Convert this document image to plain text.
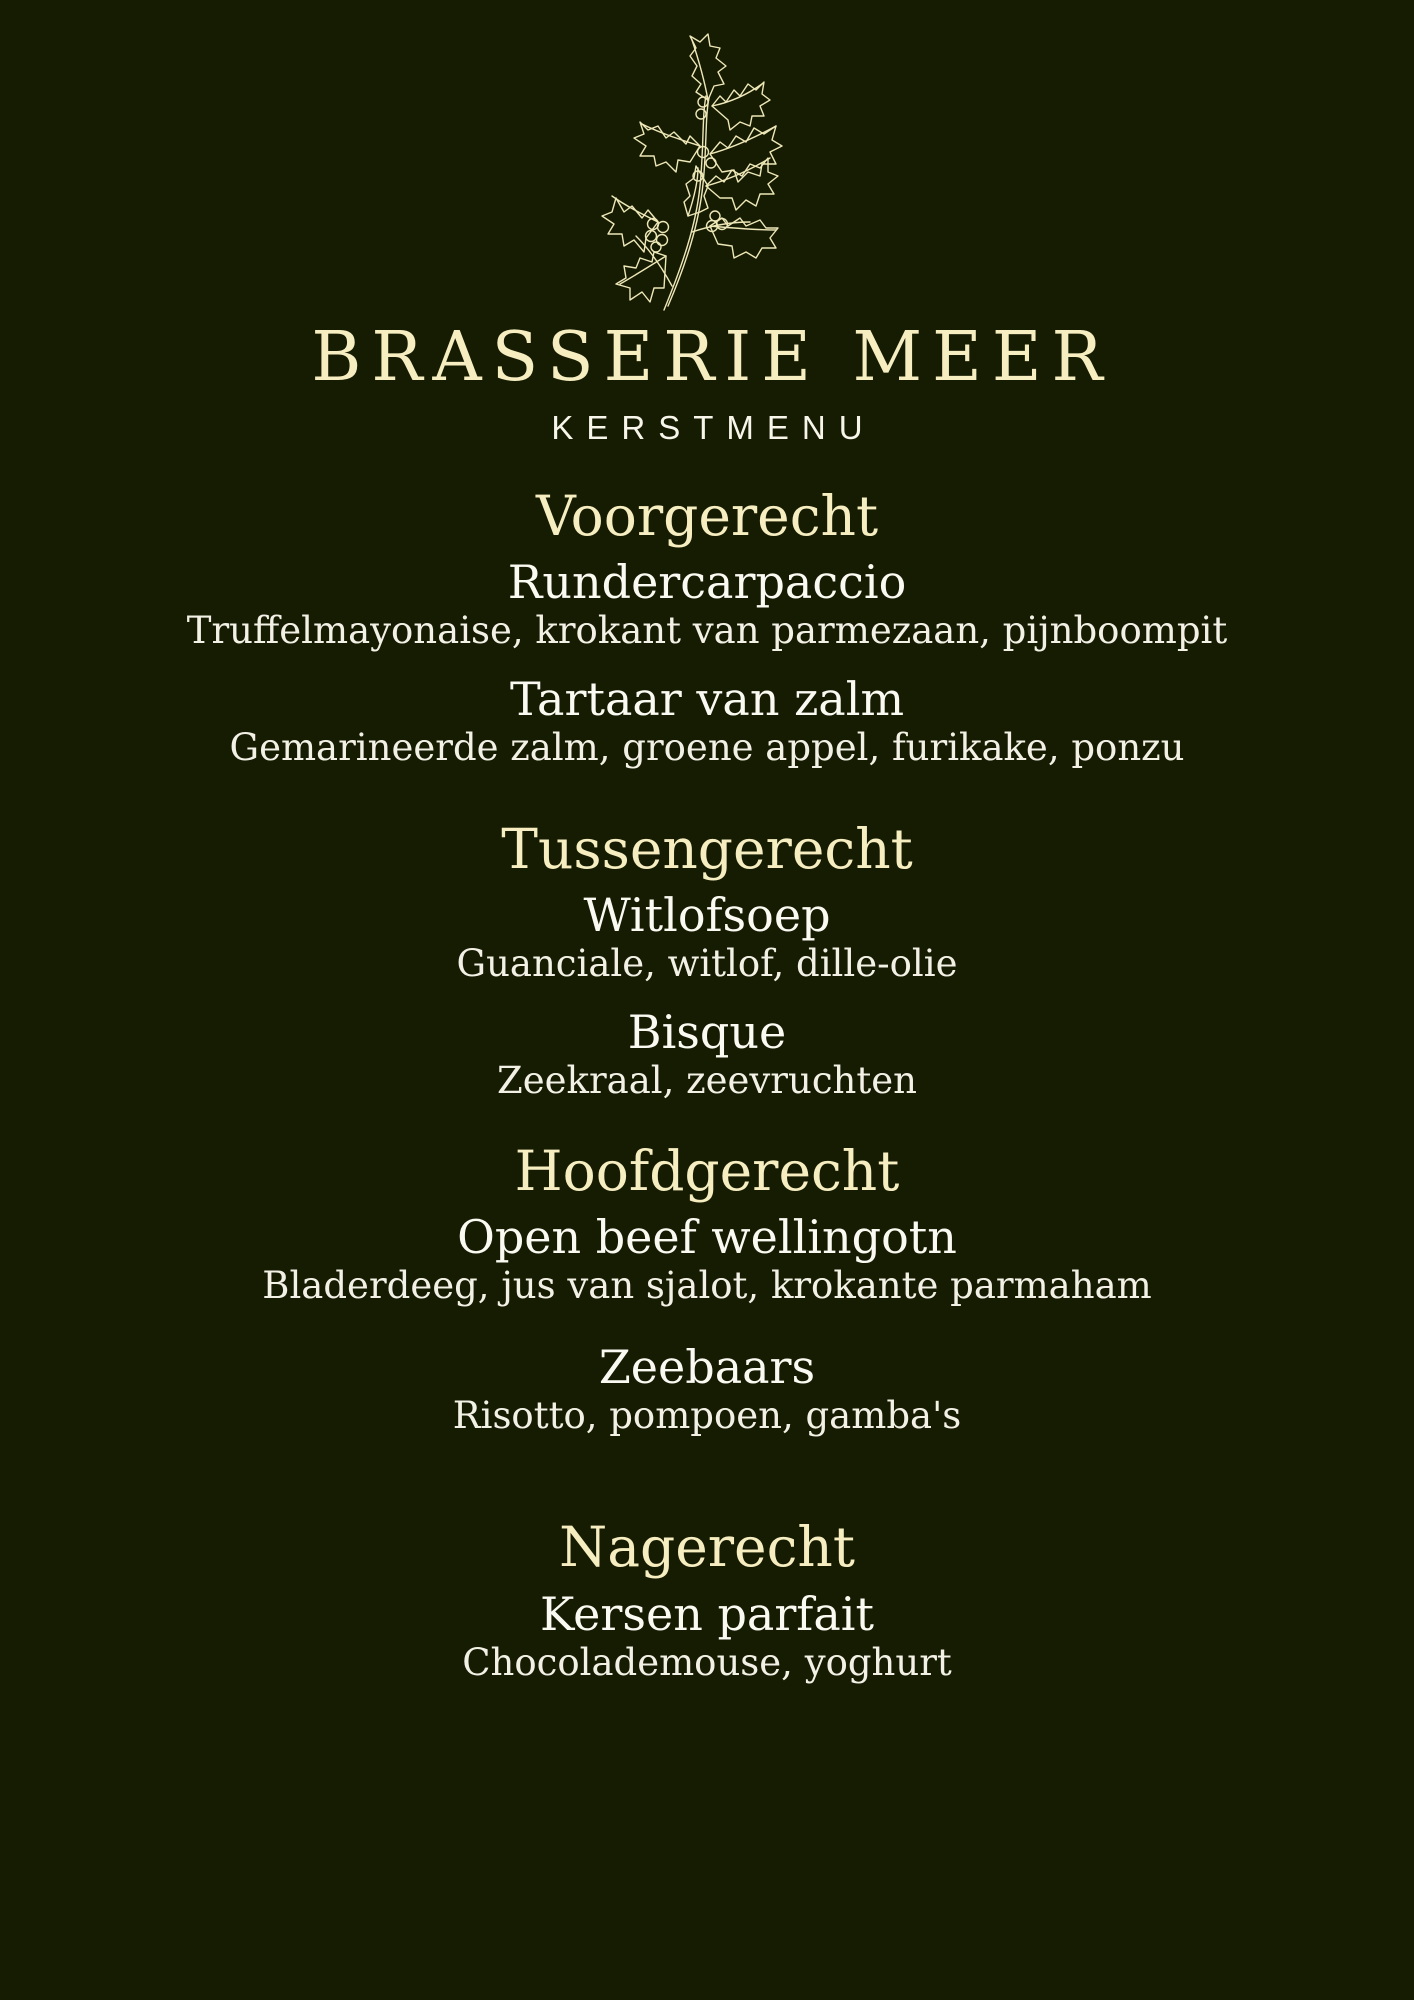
BRASSERIE MEER
KERSTMENU
Voorgerecht
Rundercarpaccio
Truffelmayonaise, krokant van parmezaan, pijnboompit
Tartaar van zalm
Gemarineerde zalm, groene appel, furikake, ponzu
Tussengerecht
Witlofsoep
Guanciale, witlof, dille-olie
Bisque
Zeekraal, zeevruchten
Hoofdgerecht
Open beef wellingotn
Bladerdeeg, jus van sjalot, krokante parmaham
Zeebaars
Risotto, pompoen, gamba's
Nagerecht
Kersen parfait
Chocolademouse, yoghurt
